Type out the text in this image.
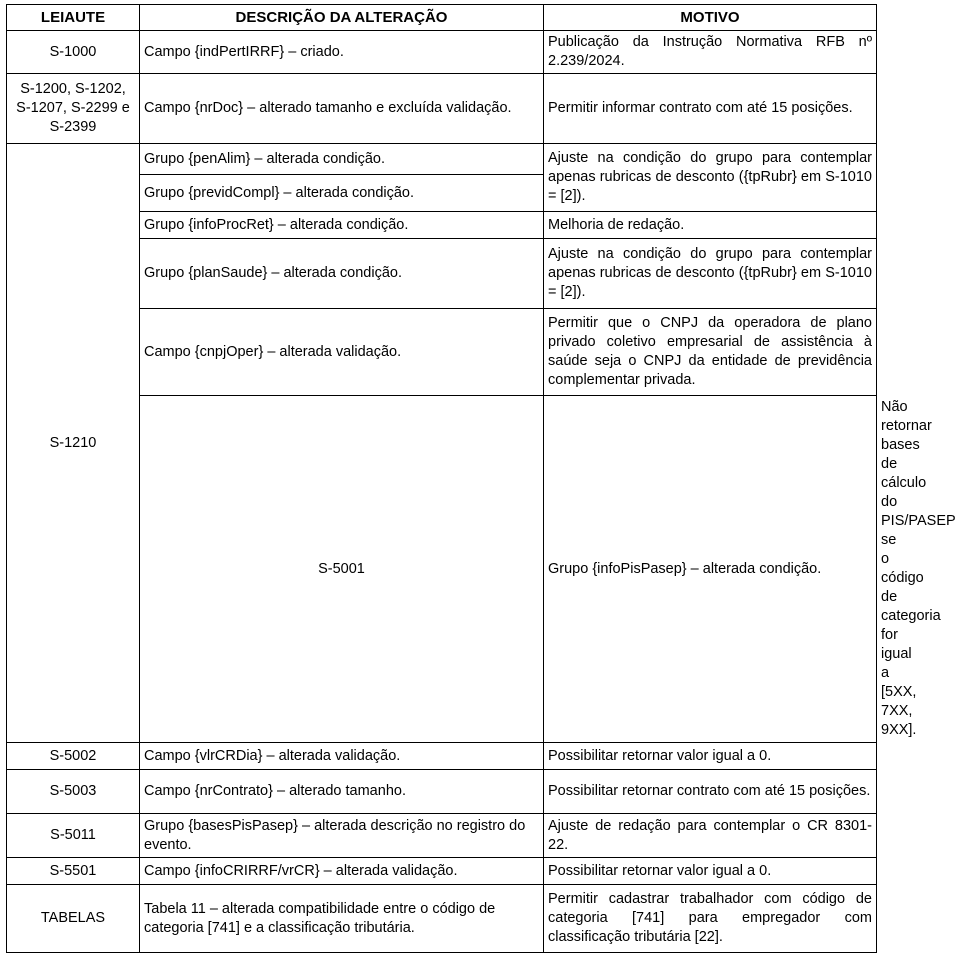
LEIAUTE	DESCRIÇÃO DA ALTERAÇÃO	MOTIVO	
S-1000	Campo {indPertIRRF} – criado.	Publicação da Instrução Normativa RFB nº 2.239/2024.	
S-1200, S-1202, S-1207, S-2299 e S-2399	Campo {nrDoc} – alterado tamanho e excluída validação.	Permitir informar contrato com até 15 posições.	
S-1210	Grupo {penAlim} – alterada condição.	Ajuste na condição do grupo para contemplar apenas rubricas de desconto ({tpRubr} em S-1010 = [2]).	
	Grupo {previdCompl} – alterada condição.		
	Grupo {infoProcRet} – alterada condição.	Melhoria de redação.	
	Grupo {planSaude} – alterada condição.	Ajuste na condição do grupo para contemplar apenas rubricas de desconto ({tpRubr} em S-1010 = [2]).	
	Campo {cnpjOper} – alterada validação.	Permitir que o CNPJ da operadora de plano privado coletivo empresarial de assistência à saúde seja o CNPJ da entidade de previdência complementar privada.	
	S-5001	Grupo {infoPisPasep} – alterada condição.	Não retornar bases de cálculo do PIS/PASEP se o código de categoria for igual a [5XX, 7XX, 9XX].
S-5002	Campo {vlrCRDia} – alterada validação.	Possibilitar retornar valor igual a 0.	
S-5003	Campo {nrContrato} – alterado tamanho.	Possibilitar retornar contrato com até 15 posições.	
S-5011	Grupo {basesPisPasep} – alterada descrição no registro do evento.	Ajuste de redação para contemplar o CR 8301-22.	
S-5501	Campo {infoCRIRRF/vrCR} – alterada validação.	Possibilitar retornar valor igual a 0.	
TABELAS	Tabela 11 – alterada compatibilidade entre o código de categoria [741] e a classificação tributária.	Permitir cadastrar trabalhador com código de categoria [741] para empregador com classificação tributária [22].	
